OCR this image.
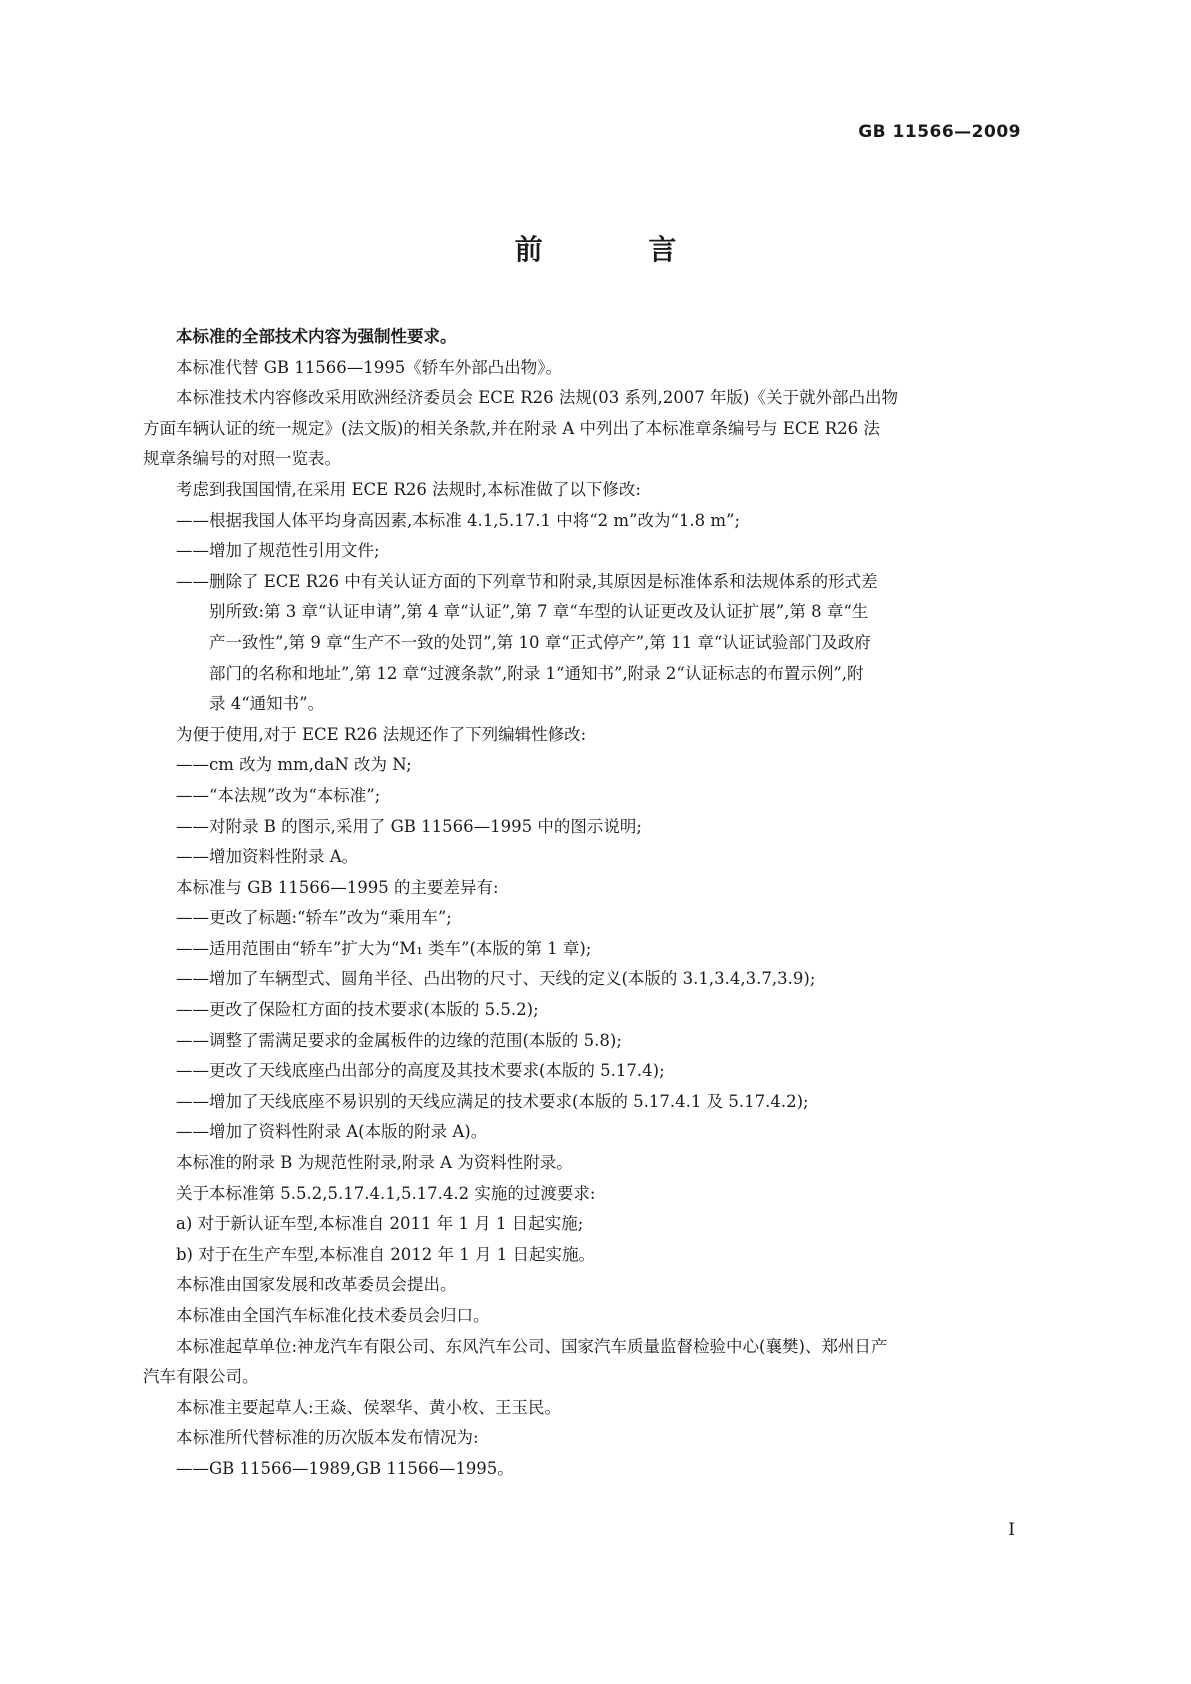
GB 11566—2009
前 言
本标准的全部技术内容为强制性要求。
本标准代替 GB 11566—1995《轿车外部凸出物》。
本标准技术内容修改采用欧洲经济委员会 ECE R26 法规(03 系列,2007 年版)《关于就外部凸出物
方面车辆认证的统一规定》(法文版)的相关条款,并在附录 A 中列出了本标准章条编号与 ECE R26 法
规章条编号的对照一览表。
考虑到我国国情,在采用 ECE R26 法规时,本标准做了以下修改:
——根据我国人体平均身高因素,本标准 4.1,5.17.1 中将“2 m”改为“1.8 m”;
——增加了规范性引用文件;
——删除了 ECE R26 中有关认证方面的下列章节和附录,其原因是标准体系和法规体系的形式差
别所致:第 3 章“认证申请”,第 4 章“认证”,第 7 章“车型的认证更改及认证扩展”,第 8 章“生
产一致性”,第 9 章“生产不一致的处罚”,第 10 章“正式停产”,第 11 章“认证试验部门及政府
部门的名称和地址”,第 12 章“过渡条款”,附录 1“通知书”,附录 2“认证标志的布置示例”,附
录 4“通知书”。
为便于使用,对于 ECE R26 法规还作了下列编辑性修改:
——cm 改为 mm,daN 改为 N;
——“本法规”改为“本标准”;
——对附录 B 的图示,采用了 GB 11566—1995 中的图示说明;
——增加资料性附录 A。
本标准与 GB 11566—1995 的主要差异有:
——更改了标题:“轿车”改为“乘用车”;
——适用范围由“轿车”扩大为“M₁ 类车”(本版的第 1 章);
——增加了车辆型式、圆角半径、凸出物的尺寸、天线的定义(本版的 3.1,3.4,3.7,3.9);
——更改了保险杠方面的技术要求(本版的 5.5.2);
——调整了需满足要求的金属板件的边缘的范围(本版的 5.8);
——更改了天线底座凸出部分的高度及其技术要求(本版的 5.17.4);
——增加了天线底座不易识别的天线应满足的技术要求(本版的 5.17.4.1 及 5.17.4.2);
——增加了资料性附录 A(本版的附录 A)。
本标准的附录 B 为规范性附录,附录 A 为资料性附录。
关于本标准第 5.5.2,5.17.4.1,5.17.4.2 实施的过渡要求:
a) 对于新认证车型,本标准自 2011 年 1 月 1 日起实施;
b) 对于在生产车型,本标准自 2012 年 1 月 1 日起实施。
本标准由国家发展和改革委员会提出。
本标准由全国汽车标准化技术委员会归口。
本标准起草单位:神龙汽车有限公司、东风汽车公司、国家汽车质量监督检验中心(襄樊)、郑州日产
汽车有限公司。
本标准主要起草人:王焱、侯翠华、黄小枚、王玉民。
本标准所代替标准的历次版本发布情况为:
——GB 11566—1989,GB 11566—1995。
I
